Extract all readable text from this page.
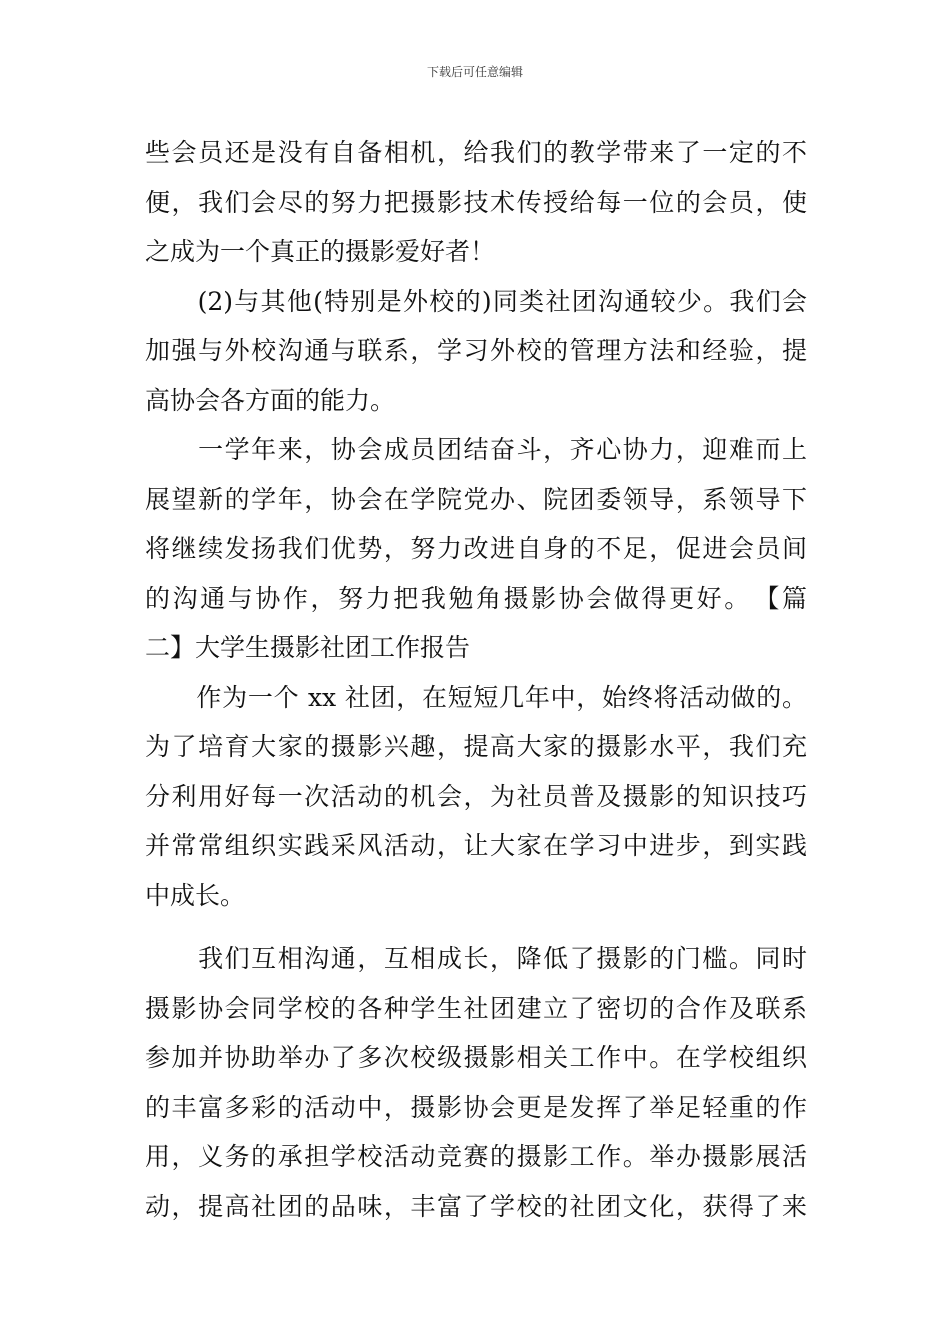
下载后可任意编辑
些会员还是没有自备相机，给我们的教学带来了一定的不
便，我们会尽的努力把摄影技术传授给每一位的会员，使
之成为一个真正的摄影爱好者！
　　(2)与其他(特别是外校的)同类社团沟通较少。我们会
加强与外校沟通与联系，学习外校的管理方法和经验，提
高协会各方面的能力。
　　一学年来，协会成员团结奋斗，齐心协力，迎难而上
展望新的学年，协会在学院党办、院团委领导，系领导下
将继续发扬我们优势，努力改进自身的不足，促进会员间
的沟通与协作，努力把我勉角摄影协会做得更好。　【篇
二】大学生摄影社团工作报告
　　作为一个 xx 社团，在短短几年中，始终将活动做的。
为了培育大家的摄影兴趣，提高大家的摄影水平，我们充
分利用好每一次活动的机会，为社员普及摄影的知识技巧
并常常组织实践采风活动，让大家在学习中进步，到实践
中成长。
　　我们互相沟通，互相成长，降低了摄影的门槛。同时
摄影协会同学校的各种学生社团建立了密切的合作及联系
参加并协助举办了多次校级摄影相关工作中。在学校组织
的丰富多彩的活动中，摄影协会更是发挥了举足轻重的作
用，义务的承担学校活动竞赛的摄影工作。举办摄影展活
动，提高社团的品味，丰富了学校的社团文化，获得了来
